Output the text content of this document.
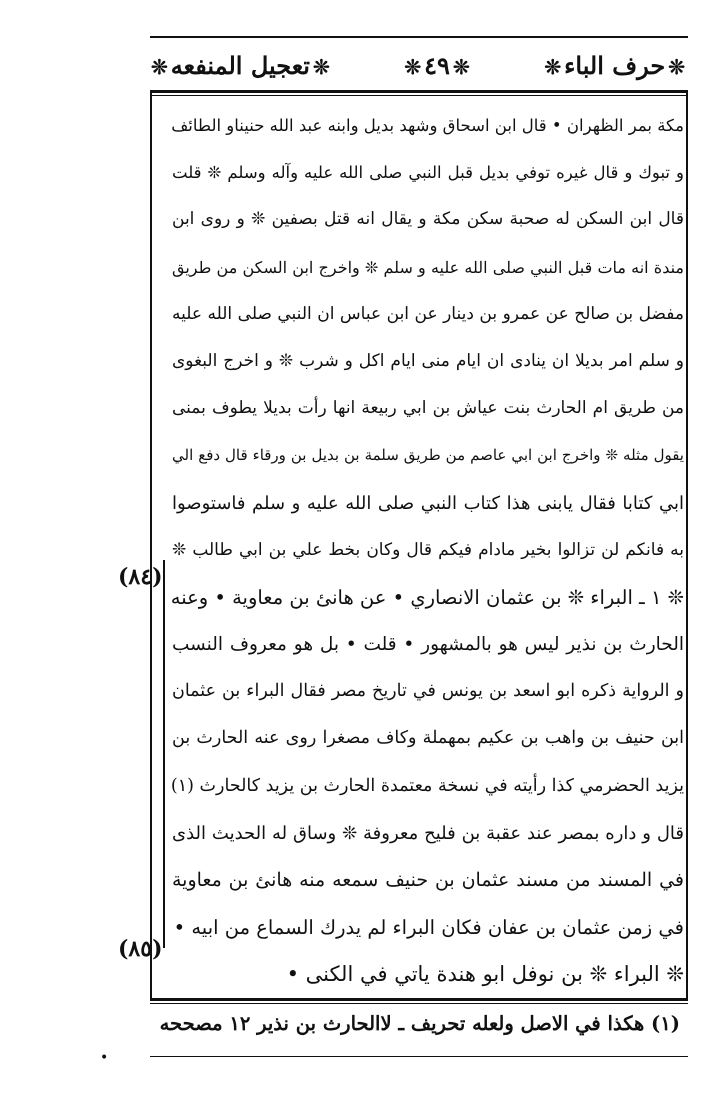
❊حرف الباء❊
❊٤٩❊
❊تعجيل المنفعه❊
مكة بمر الظهران • قال ابن اسحاق وشهد بديل وابنه عبد الله حنيناو الطائف
و تبوك و قال غيره توفي بديل قبل النبي صلى الله عليه وآله وسلم ❊ قلت
قال ابن السكن له صحبة سكن مكة و يقال انه قتل بصفين ❊ و روى ابن
مندة انه مات قبل النبي صلى الله عليه و سلم ❊ واخرج ابن السكن من طريق
مفضل بن صالح عن عمرو بن دينار عن ابن عباس ان النبي صلى الله عليه
و سلم امر بديلا ان ينادى ان ايام منى ايام اكل و شرب ❊ و اخرج البغوى
من طريق ام الحارث بنت عياش بن ابي ربيعة انها رأت بديلا يطوف بمنى
يقول مثله ❊ واخرج ابن ابي عاصم من طريق سلمة بن بديل بن ورقاء قال دفع الي
ابي كتابا فقال يابنى هذا كتاب النبي صلى الله عليه و سلم فاستوصوا
به فانكم لن تزالوا بخير مادام فيكم قال وكان بخط علي بن ابي طالب ❊
❊ ١ ـ البراء ❊ بن عثمان الانصاري • عن هانئ بن معاوية • وعنه
الحارث بن نذير ليس هو بالمشهور • قلت • بل هو معروف النسب
و الرواية ذكره ابو اسعد بن يونس في تاريخ مصر فقال البراء بن عثمان
ابن حنيف بن واهب بن عكيم بمهملة وكاف مصغرا روى عنه الحارث بن
يزيد الحضرمي كذا رأيته في نسخة معتمدة الحارث بن يزيد كالحارث (١)
قال و داره بمصر عند عقبة بن فليح معروفة ❊ وساق له الحديث الذى
في المسند من مسند عثمان بن حنيف سمعه منه هانئ بن معاوية
في زمن عثمان بن عفان فكان البراء لم يدرك السماع من ابيه •
❊ البراء ❊ بن نوفل ابو هندة ياتي في الكنى •
(٨٤)
(٨٥)
(١) هكذا في الاصل ولعله تحريف ـ لاالحارث بن نذير ١٢ مصححه
•
